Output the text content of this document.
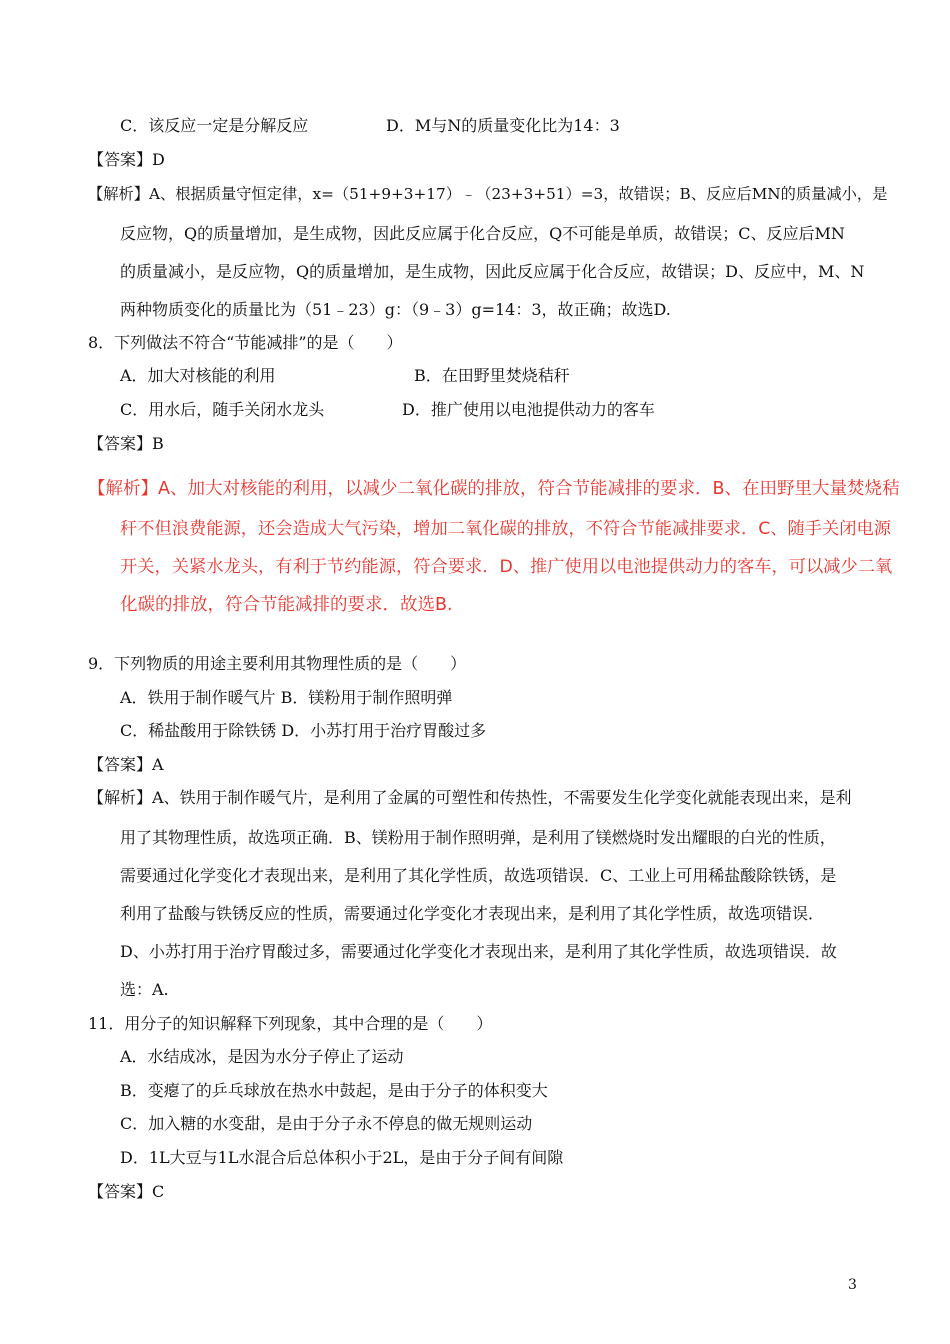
C．该反应一定是分解反应	D．M与N的质量变化比为14：3
【答案】D
【解析】A、根据质量守恒定律，x=（51+9+3+17）﹣（23+3+51）=3，故错误；B、反应后MN的质量减小，是
反应物，Q的质量增加，是生成物，因此反应属于化合反应，Q不可能是单质，故错误；C、反应后MN
的质量减小，是反应物，Q的质量增加，是生成物，因此反应属于化合反应，故错误；D、反应中，M、N
两种物质变化的质量比为（51﹣23）g：（9﹣3）g=14：3，故正确；故选D.
8．下列做法不符合“节能减排”的是（　　）
A．加大对核能的利用	B．在田野里焚烧秸秆
C．用水后，随手关闭水龙头	D．推广使用以电池提供动力的客车
【答案】B
【解析】A、加大对核能的利用，以减少二氧化碳的排放，符合节能减排的要求．B、在田野里大量焚烧秸
秆不但浪费能源，还会造成大气污染，增加二氧化碳的排放，不符合节能减排要求．C、随手关闭电源
开关，关紧水龙头，有利于节约能源，符合要求．D、推广使用以电池提供动力的客车，可以减少二氧
化碳的排放，符合节能减排的要求．故选B.
9．下列物质的用途主要利用其物理性质的是（　　）
A．铁用于制作暖气片 B．镁粉用于制作照明弹
C．稀盐酸用于除铁锈 D．小苏打用于治疗胃酸过多
【答案】A
【解析】A、铁用于制作暖气片，是利用了金属的可塑性和传热性，不需要发生化学变化就能表现出来，是利
用了其物理性质，故选项正确．B、镁粉用于制作照明弹，是利用了镁燃烧时发出耀眼的白光的性质，
需要通过化学变化才表现出来，是利用了其化学性质，故选项错误．C、工业上可用稀盐酸除铁锈，是
利用了盐酸与铁锈反应的性质，需要通过化学变化才表现出来，是利用了其化学性质，故选项错误．
D、小苏打用于治疗胃酸过多，需要通过化学变化才表现出来，是利用了其化学性质，故选项错误．故
选：A.
11．用分子的知识解释下列现象，其中合理的是（　　）
A．水结成冰，是因为水分子停止了运动
B．变瘪了的乒乓球放在热水中鼓起，是由于分子的体积变大
C．加入糖的水变甜，是由于分子永不停息的做无规则运动
D．1L大豆与1L水混合后总体积小于2L，是由于分子间有间隙
【答案】C
3
